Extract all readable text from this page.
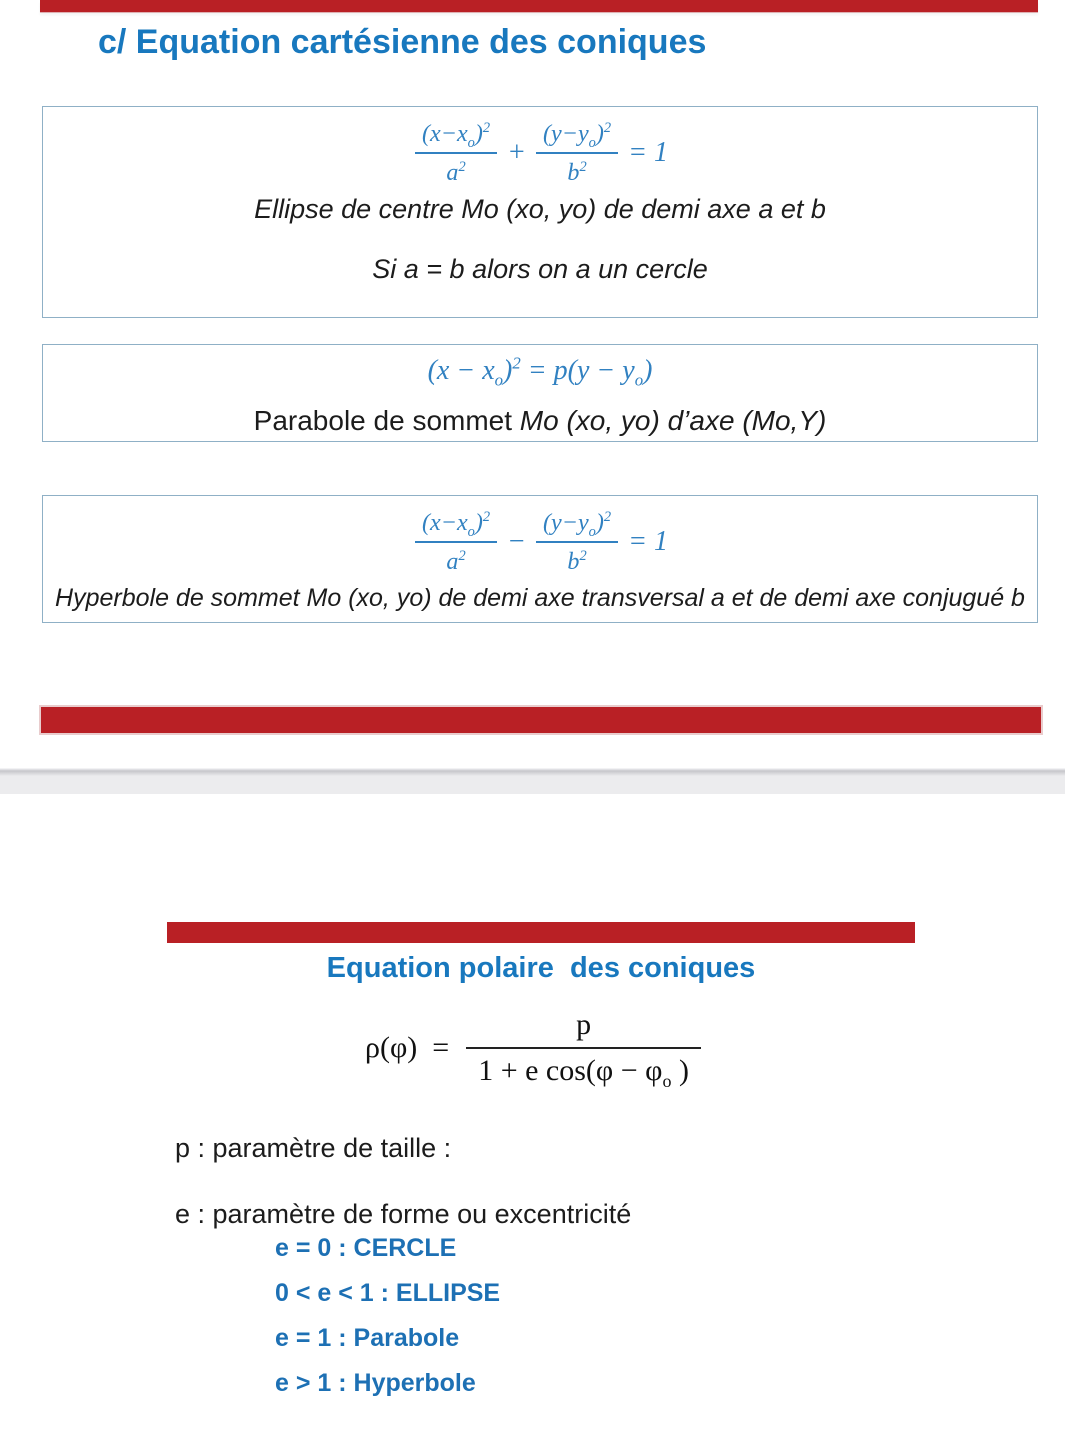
c/ Equation cartésienne des coniques
$\frac{(x-x_o)^2}{a^2} + \frac{(y-y_o)^2}{b^2} = 1$

Ellipse de centre Mo (xo, yo) de demi axe a et b

Si a = b alors on a un cercle

$(x - x_o)^2 = p(y - y_o)$

Parabole de sommet Mo (xo, yo) d’axe (Mo,Y)

$\frac{(x-x_o)^2}{a^2} - \frac{(y-y_o)^2}{b^2} = 1$

Hyperbole de sommet Mo (xo, yo) de demi axe transversal a et de demi axe conjugué b

Equation polaire  des coniques
$\rho(\varphi) = \frac{p}{1 + e \cos(\varphi - \varphi_o )}$

p : paramètre de taille :

e : paramètre de forme ou excentricité

e = 0 : CERCLE
0 < e < 1 : ELLIPSE
e = 1 : Parabole
e > 1 : Hyperbole
